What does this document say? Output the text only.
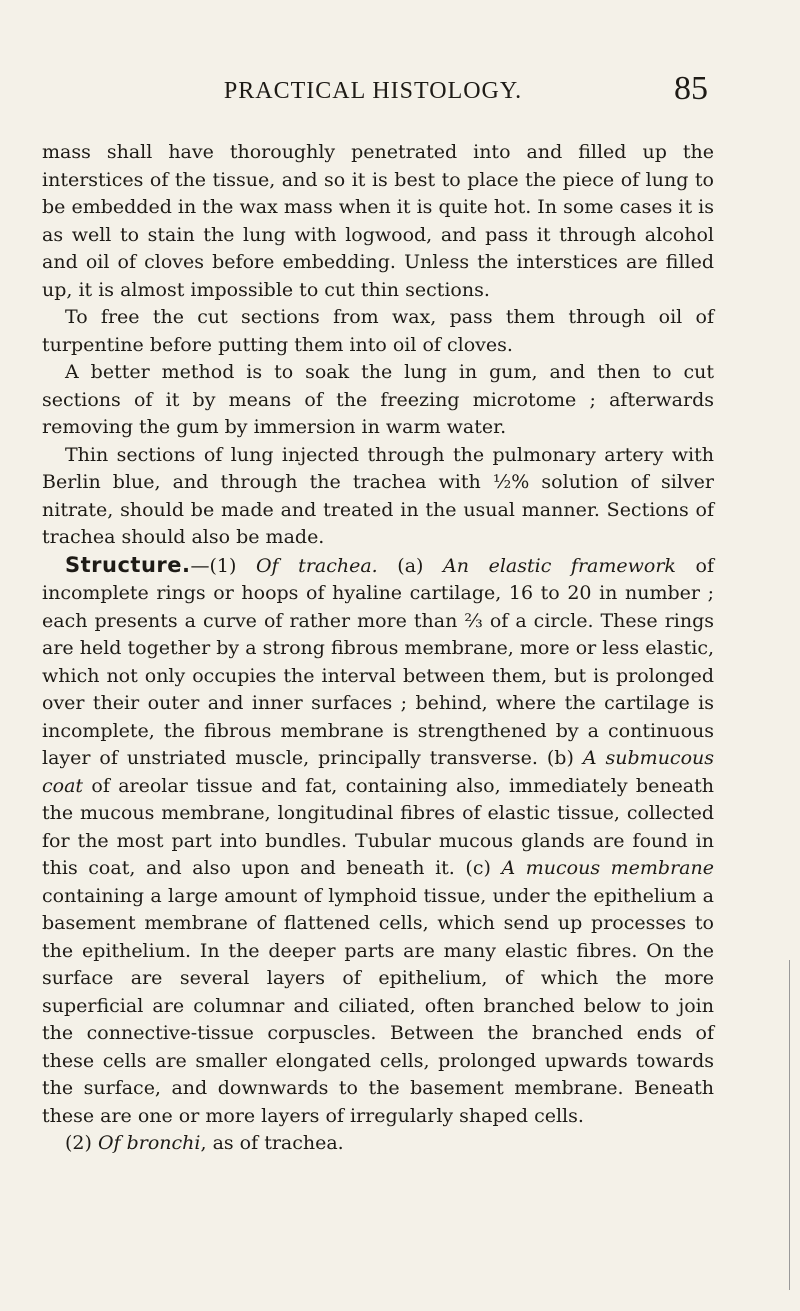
PRACTICAL HISTOLOGY.	85

mass shall have thoroughly penetrated into and filled up the interstices of the tissue, and so it is best to place the piece of lung to be embedded in the wax mass when it is quite hot. In some cases it is as well to stain the lung with logwood, and pass it through alcohol and oil of cloves before embedding. Unless the interstices are filled up, it is almost impossible to cut thin sections.

To free the cut sections from wax, pass them through oil of turpentine before putting them into oil of cloves.

A better method is to soak the lung in gum, and then to cut sections of it by means of the freezing microtome ; afterwards removing the gum by immersion in warm water.

Thin sections of lung injected through the pulmonary artery with Berlin blue, and through the trachea with ½% solution of silver nitrate, should be made and treated in the usual manner. Sections of trachea should also be made.

Structure.—(1) Of trachea. (a) An elastic framework of incomplete rings or hoops of hyaline cartilage, 16 to 20 in number ; each presents a curve of rather more than ⅔ of a circle. These rings are held together by a strong fibrous membrane, more or less elastic, which not only occupies the interval between them, but is prolonged over their outer and inner surfaces ; behind, where the cartilage is incomplete, the fibrous membrane is strengthened by a continuous layer of unstriated muscle, principally transverse. (b) A submucous coat of areolar tissue and fat, containing also, immediately beneath the mucous membrane, longitudinal fibres of elastic tissue, collected for the most part into bundles. Tubular mucous glands are found in this coat, and also upon and beneath it. (c) A mucous membrane containing a large amount of lymphoid tissue, under the epithelium a basement membrane of flattened cells, which send up processes to the epithelium. In the deeper parts are many elastic fibres. On the surface are several layers of epithelium, of which the more superficial are columnar and ciliated, often branched below to join the connective-tissue corpuscles. Between the branched ends of these cells are smaller elongated cells, prolonged upwards towards the surface, and downwards to the basement membrane. Beneath these are one or more layers of irregularly shaped cells.

(2) Of bronchi, as of trachea.
